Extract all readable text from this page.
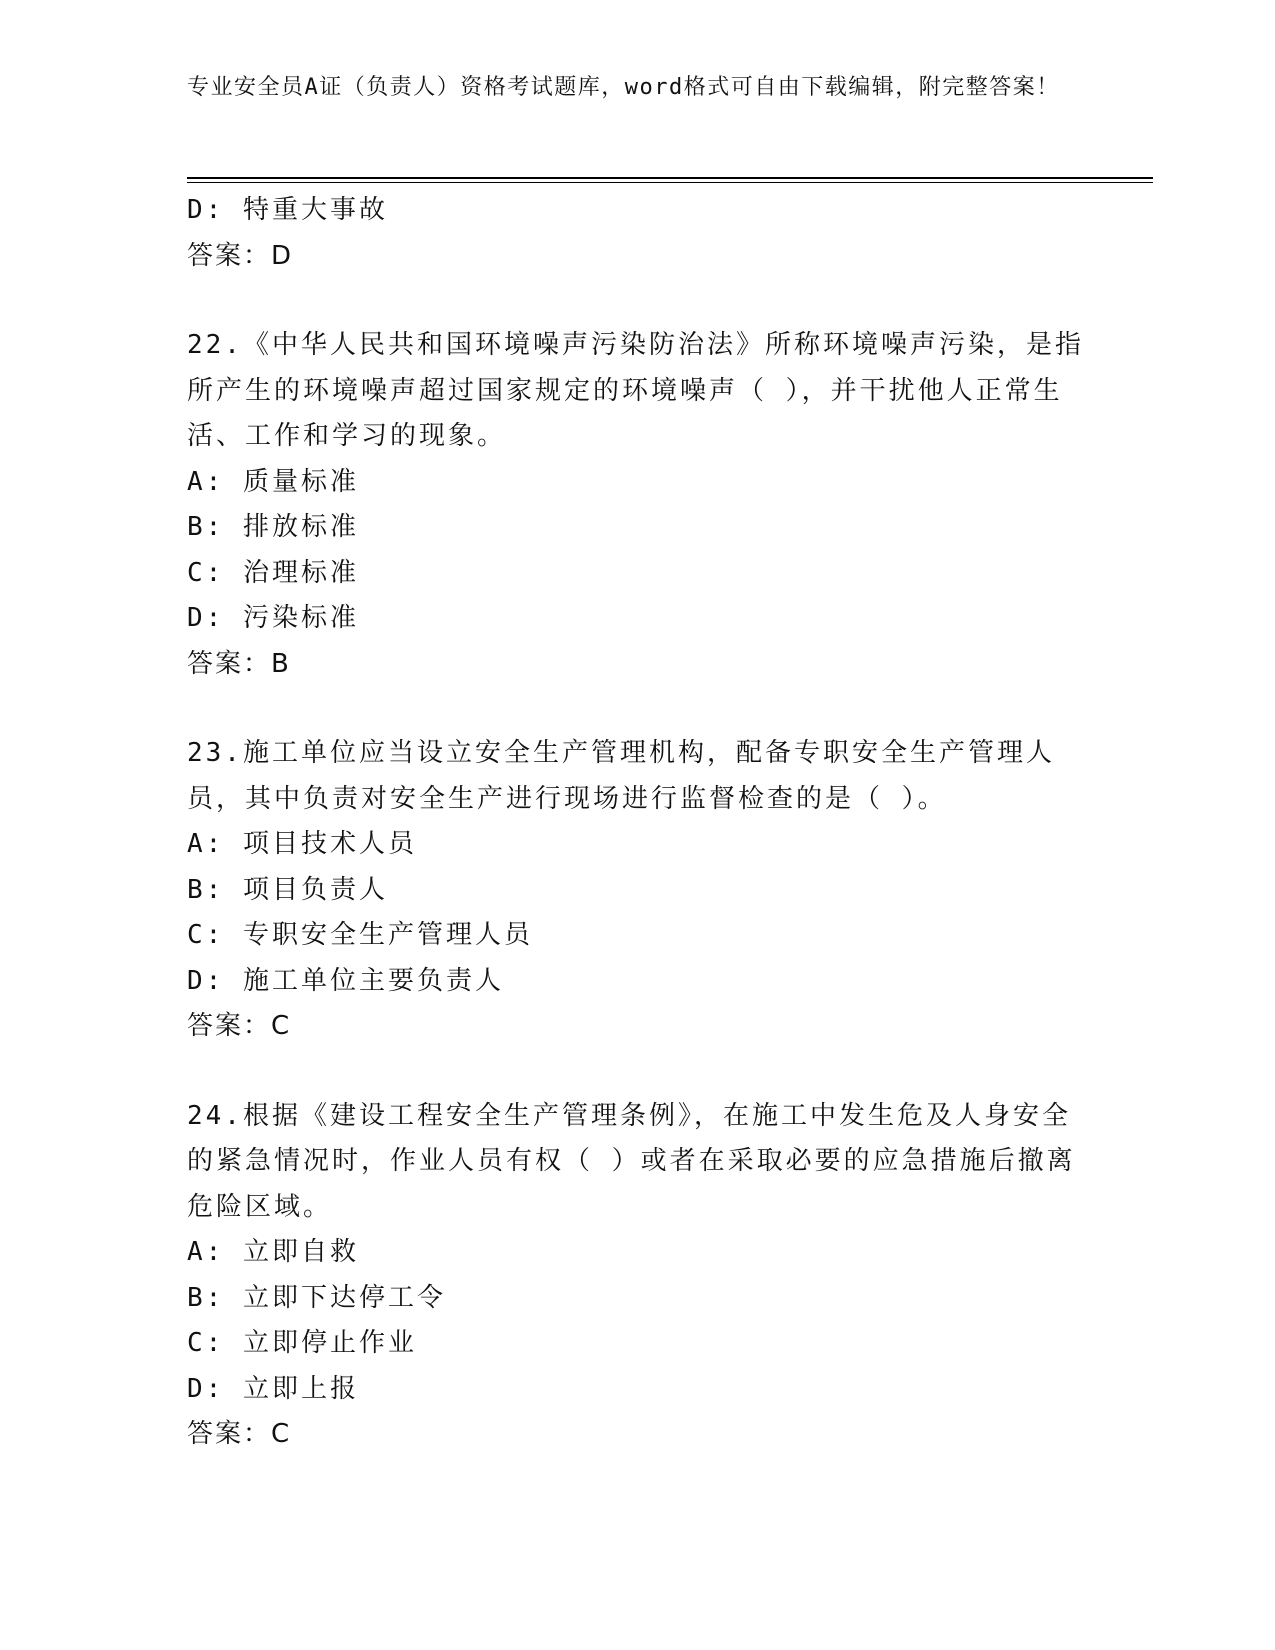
专业安全员A证（负责人）资格考试题库，word格式可自由下载编辑，附完整答案！
D: 特重大事故
答案：D
22.《中华人民共和国环境噪声污染防治法》所称环境噪声污染，是指所产生的环境噪声超过国家规定的环境噪声（ ），并干扰他人正常生活、工作和学习的现象。
A: 质量标准
B: 排放标准
C: 治理标准
D: 污染标准
答案：B
23.施工单位应当设立安全生产管理机构，配备专职安全生产管理人员，其中负责对安全生产进行现场进行监督检查的是（ ）。
A: 项目技术人员
B: 项目负责人
C: 专职安全生产管理人员
D: 施工单位主要负责人
答案：C
24.根据《建设工程安全生产管理条例》，在施工中发生危及人身安全的紧急情况时，作业人员有权（ ）或者在采取必要的应急措施后撤离危险区域。
A: 立即自救
B: 立即下达停工令
C: 立即停止作业
D: 立即上报
答案：C
